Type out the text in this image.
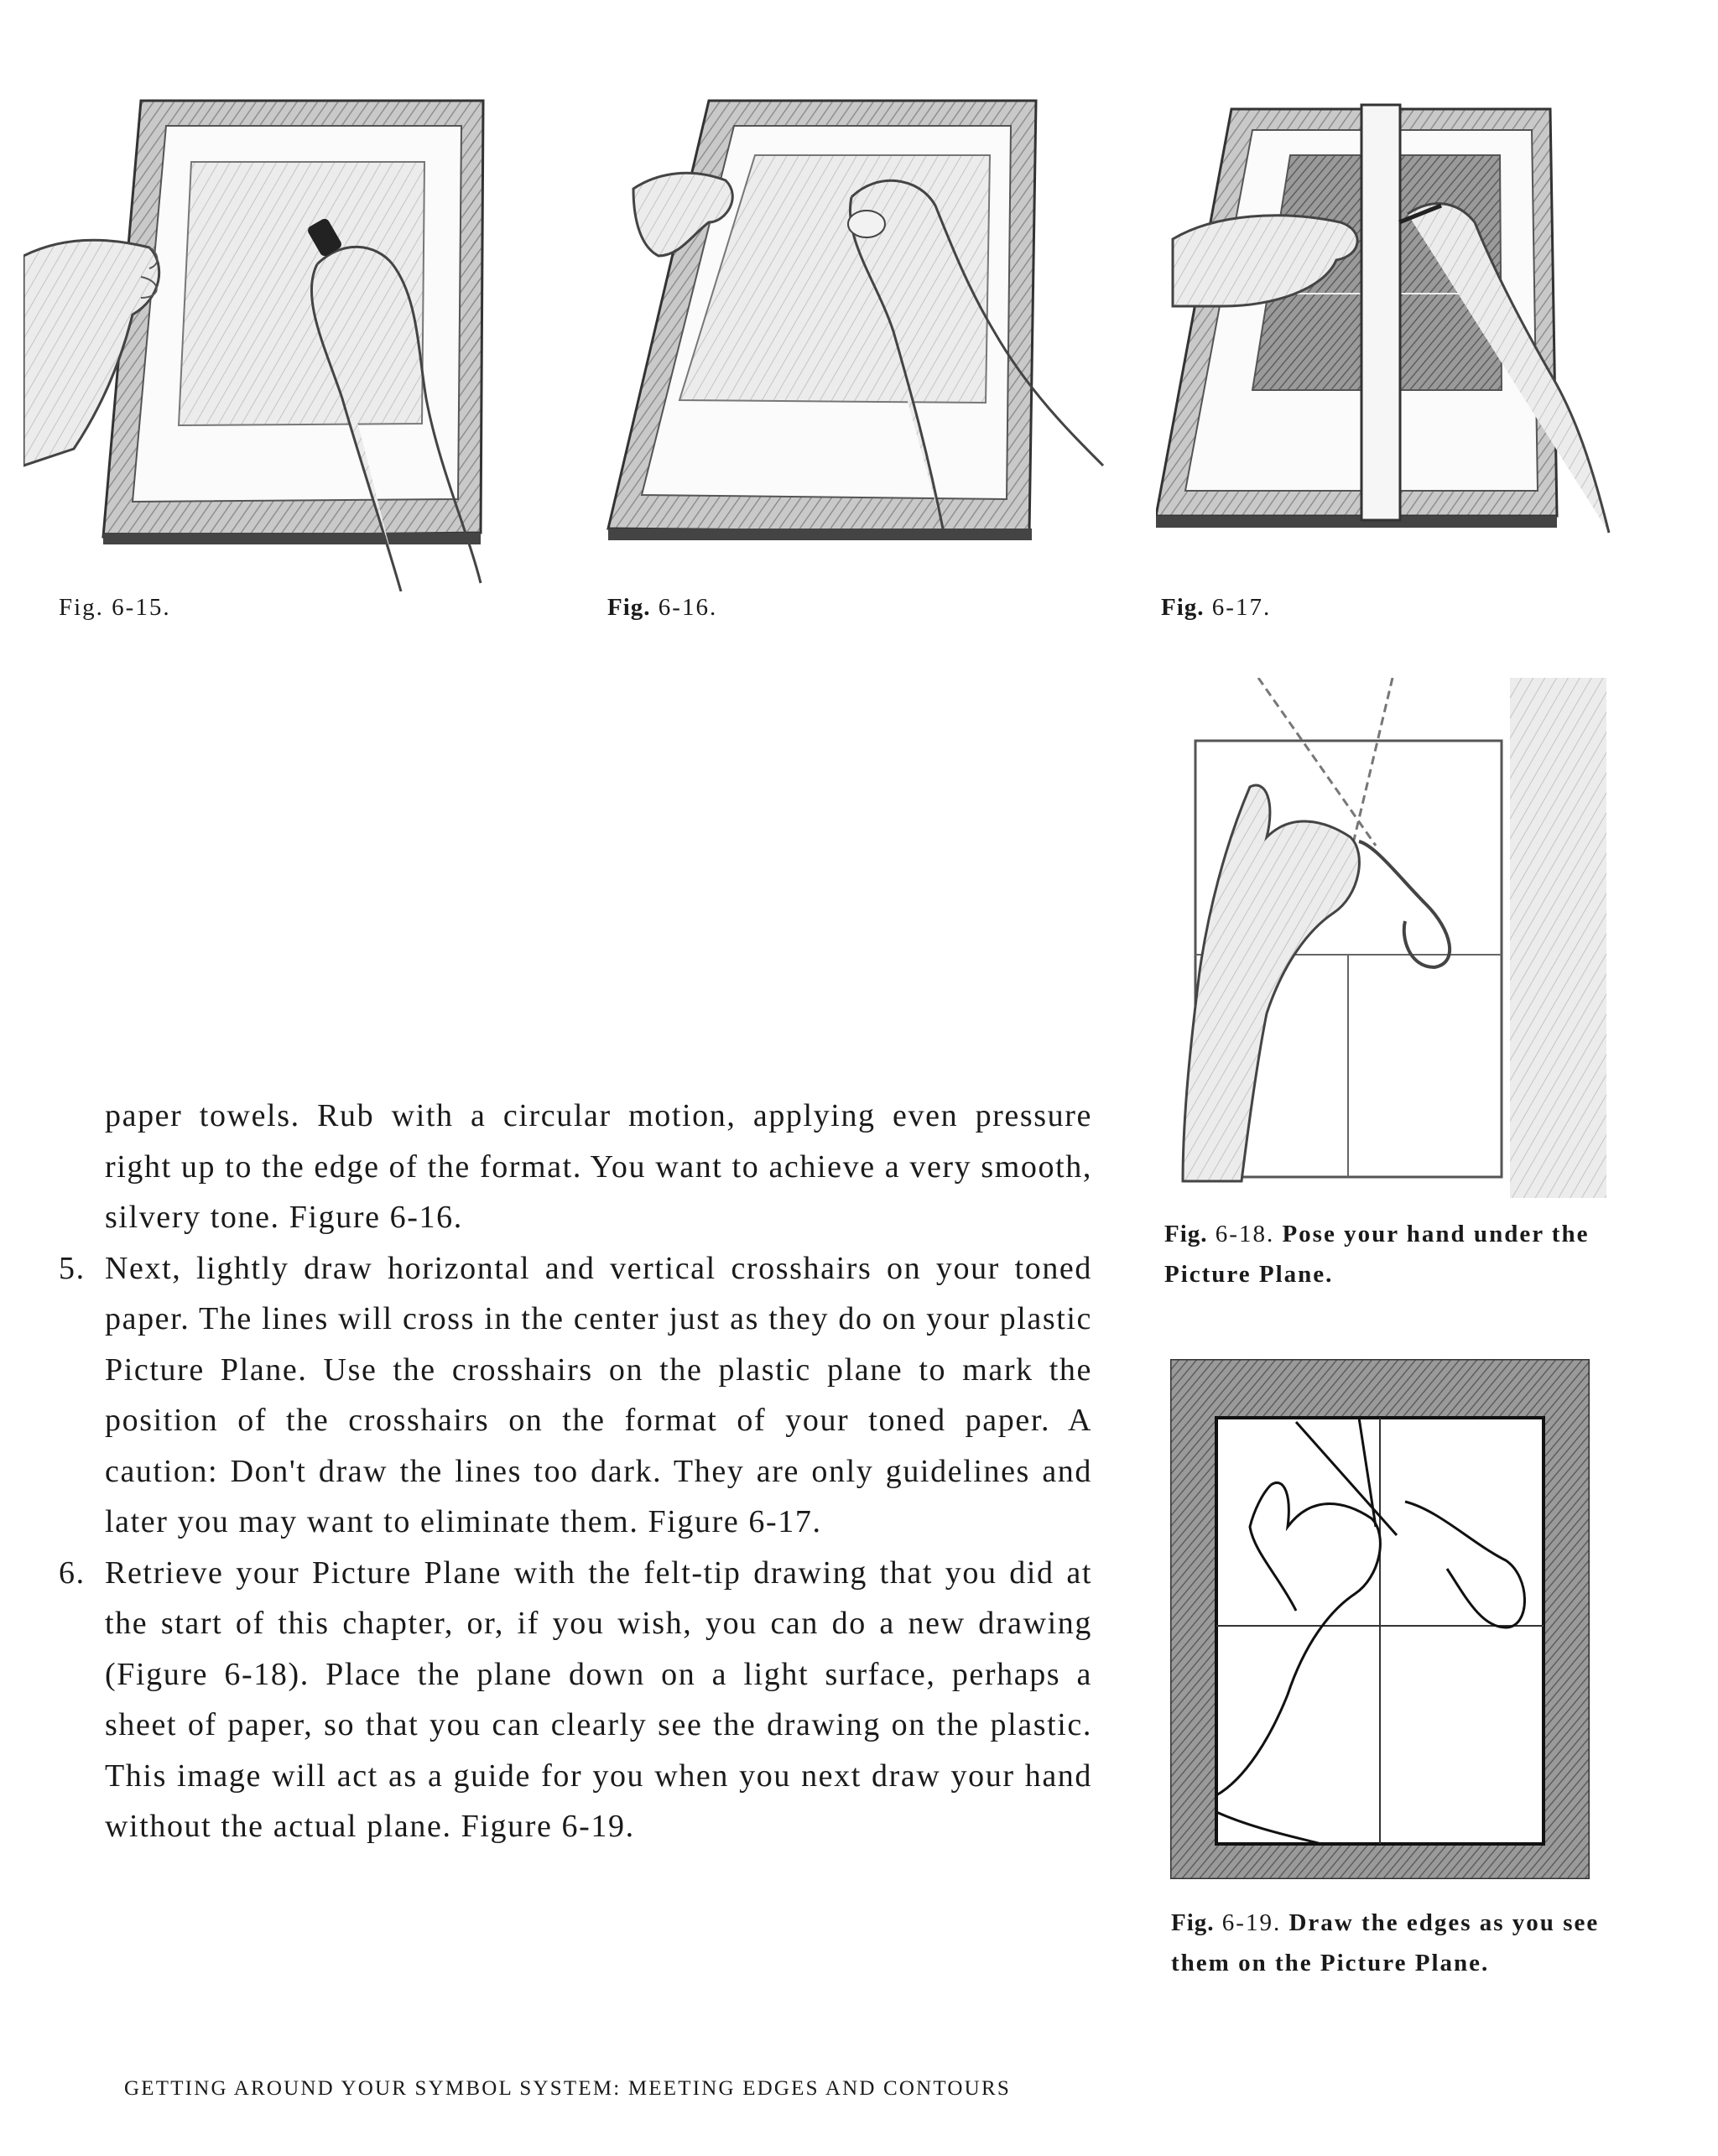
Fig. 6-15.	Fig. 6-16.	Fig. 6-17.
Fig. 6-18. Pose your hand under the
Picture Plane.
Fig. 6-19. Draw the edges as you see
them on the Picture Plane.

paper towels. Rub with a circular motion, applying even pressure right up to the edge of the format. You want to achieve a very smooth, silvery tone. Figure 6-16.

5. Next, lightly draw horizontal and vertical crosshairs on your toned paper. The lines will cross in the center just as they do on your plastic Picture Plane. Use the crosshairs on the plastic plane to mark the position of the crosshairs on the format of your toned paper. A caution: Don't draw the lines too dark. They are only guidelines and later you may want to eliminate them. Figure 6-17.
6. Retrieve your Picture Plane with the felt-tip drawing that you did at the start of this chapter, or, if you wish, you can do a new drawing (Figure 6-18). Place the plane down on a light surface, perhaps a sheet of paper, so that you can clearly see the drawing on the plastic. This image will act as a guide for you when you next draw your hand without the actual plane. Figure 6-19.
GETTING AROUND YOUR SYMBOL SYSTEM: MEETING EDGES AND CONTOURS
